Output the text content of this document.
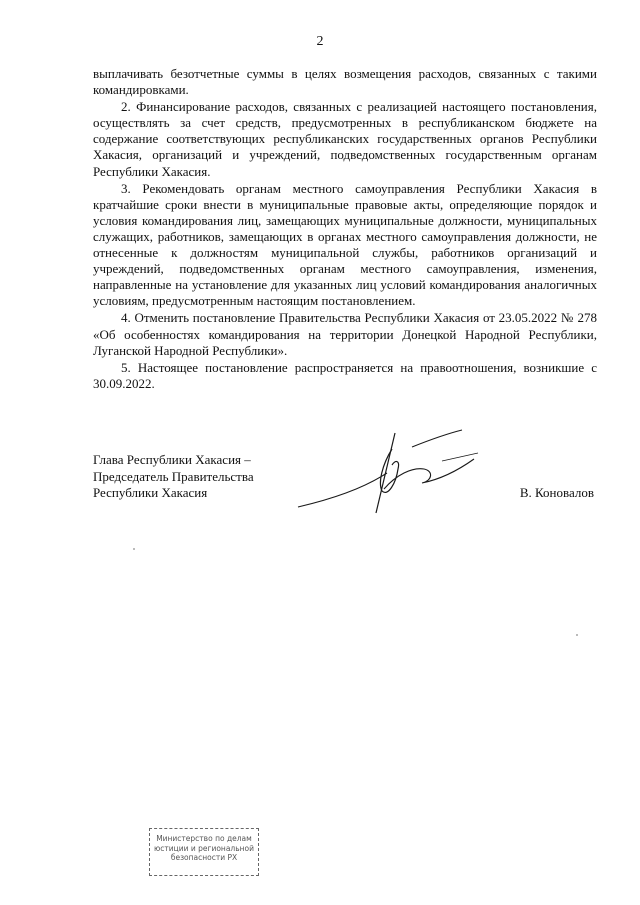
2

выплачивать безотчетные суммы в целях возмещения расходов, связанных с такими командировками.

2. Финансирование расходов, связанных с реализацией настоящего постановления, осуществлять за счет средств, предусмотренных в республиканском бюджете на содержание соответствующих республиканских государственных органов Республики Хакасия, организаций и учреждений, подведомственных государственным органам Республики Хакасия.

3. Рекомендовать органам местного самоуправления Республики Хакасия в кратчайшие сроки внести в муниципальные правовые акты, определяющие порядок и условия командирования лиц, замещающих муниципальные должности, муниципальных служащих, работников, замещающих в органах местного самоуправления должности, не отнесенные к должностям муниципальной службы, работников организаций и учреждений, подведомственных органам местного самоуправления, изменения, направленные на установление для указанных лиц условий командирования аналогичных условиям, предусмотренным настоящим постановлением.

4. Отменить постановление Правительства Республики Хакасия от 23.05.2022 № 278 «Об особенностях командирования на территории Донецкой Народной Республики, Луганской Народной Республики».

5. Настоящее постановление распространяется на правоотношения, возникшие с 30.09.2022.

Глава Республики Хакасия –
Председатель Правительства
Республики Хакасия	В. Коновалов
Министерство по делам
юстиции и региональной
безопасности РХ
